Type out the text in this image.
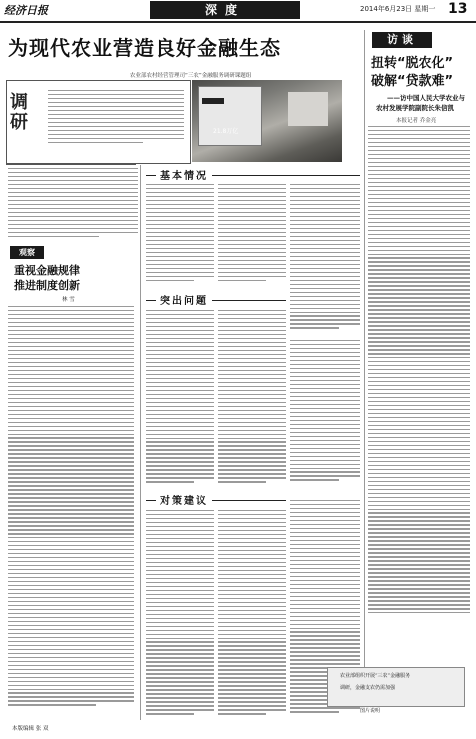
经济日报	深度	2014年6月23日 星期一 13
为现代农业营造良好金融生态
农业部农村经营管理司“三农”金融服务调研课题组
调研	21.8万亿
访谈
扭转“脱农化”
破解“贷款难”
——访中国人民大学农业与
农村发展学院副院长朱信凯
本报记者 乔金亮
观察
重视金融规律
推进制度创新
林 雪
基本情况
突出问题
对策建议
农业部组织开展“三农”金融服务
调研，金融支农仍需加强
图片说明
本版编辑 张 双
